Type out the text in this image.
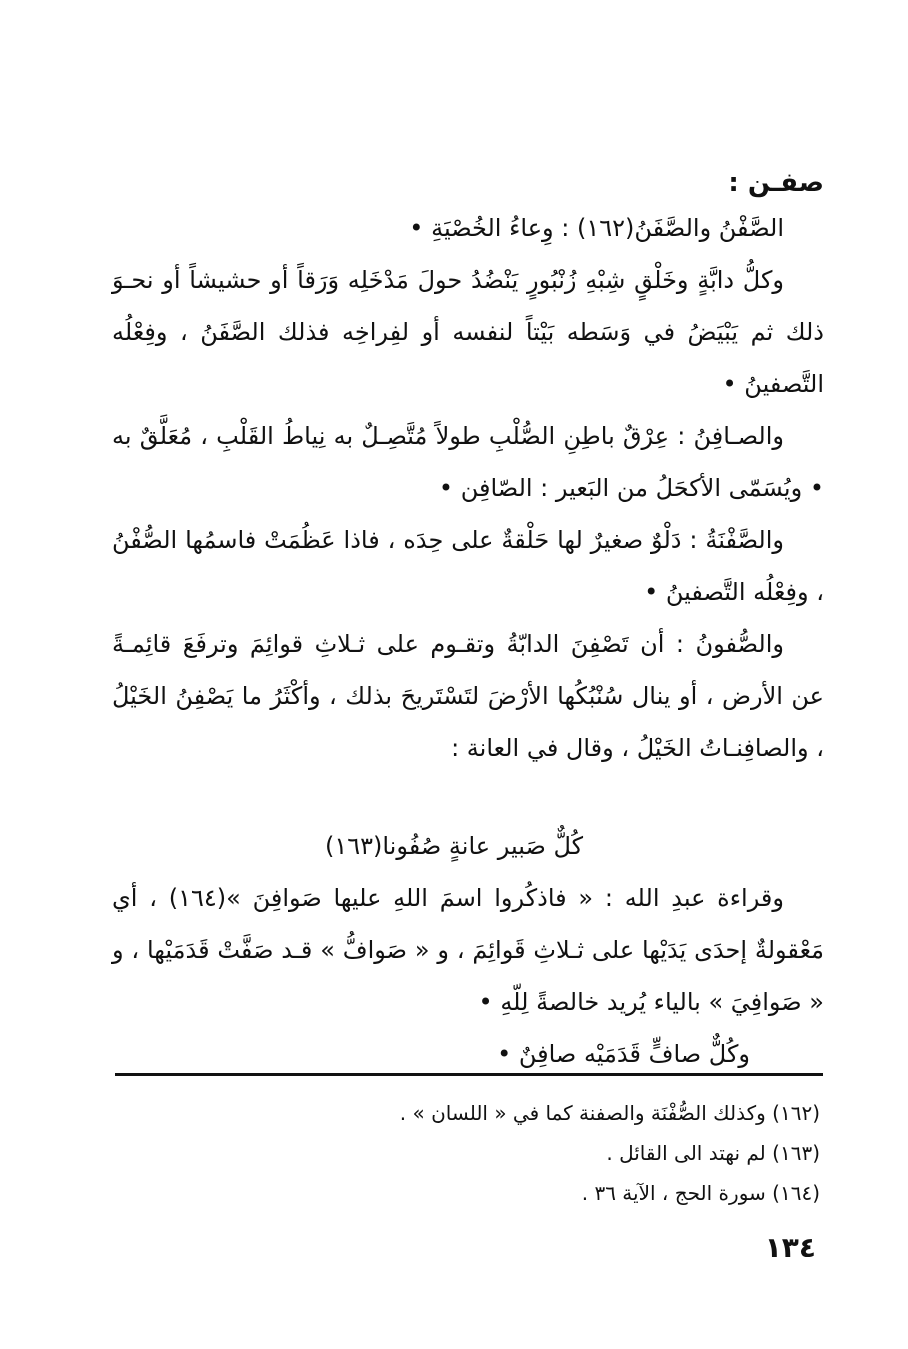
صفـن :

الصَّفْنُ والصَّفَنُ(١٦٢) : وِعاءُ الخُصْيَةِ •

وكلُّ دابَّةٍ وخَلْقٍ شِبْهِ زُنْبُورٍ يَنْضُدُ حولَ مَدْخَلِه وَرَقاً أو حشيشاً أو نحـوَ ذلك ثم يَبْيَضُ في وَسَطه بَيْتاً لنفسه أو لفِراخِه فذلك الصَّفَنُ ، وفِعْلُه التَّصفينُ •

والصـافِنُ : عِرْقٌ باطِنِ الصُّلْبِ طولاً مُتَّصِـلٌ به نِياطُ القَلْبِ ، مُعَلَّقٌ به • ويُسَمّى الأكحَلُ من البَعير : الصّافِن •

والصَّفْنَةُ : دَلْوٌ صغيرٌ لها حَلْقةٌ على حِدَه ، فاذا عَظُمَتْ فاسمُها الصُّفْنُ ، وفِعْلُه التَّصفينُ •

والصُّفونُ : أن تَصْفِنَ الدابّةُ وتقـوم على ثـلاثِ قوائِمَ وترفَعَ قائِمـةً عن الأرض ، أو ينال سُنْبُكُها الأرْضَ لتَسْتَريحَ بذلك ، وأكْثَرُ ما يَصْفِنُ الخَيْلُ ، والصافِنـاتُ الخَيْلُ ، وقال في العانة :

كُلٌّ صَبير عانةٍ صُفُونا(١٦٣)

وقراءة عبدِ الله : « فاذكُروا اسمَ اللهِ عليها صَوافِنَ »(١٦٤) ، أي مَعْقولةٌ إحدَى يَدَيْها على ثـلاثِ قَوائِمَ ، و « صَوافُّ » قـد صَفَّتْ قَدَمَيْها ، و « صَوافِيَ » بالياء يُريد خالصةً لِلّهِ •

وكُلٌّ صافٍّ قَدَمَيْه صافِنٌ •

(١٦٢) وكذلك الصُّفْنَة والصفنة كما في « اللسان » .
(١٦٣) لم نهتد الى القائل .
(١٦٤) سورة الحج ، الآية ٣٦ .
١٣٤
